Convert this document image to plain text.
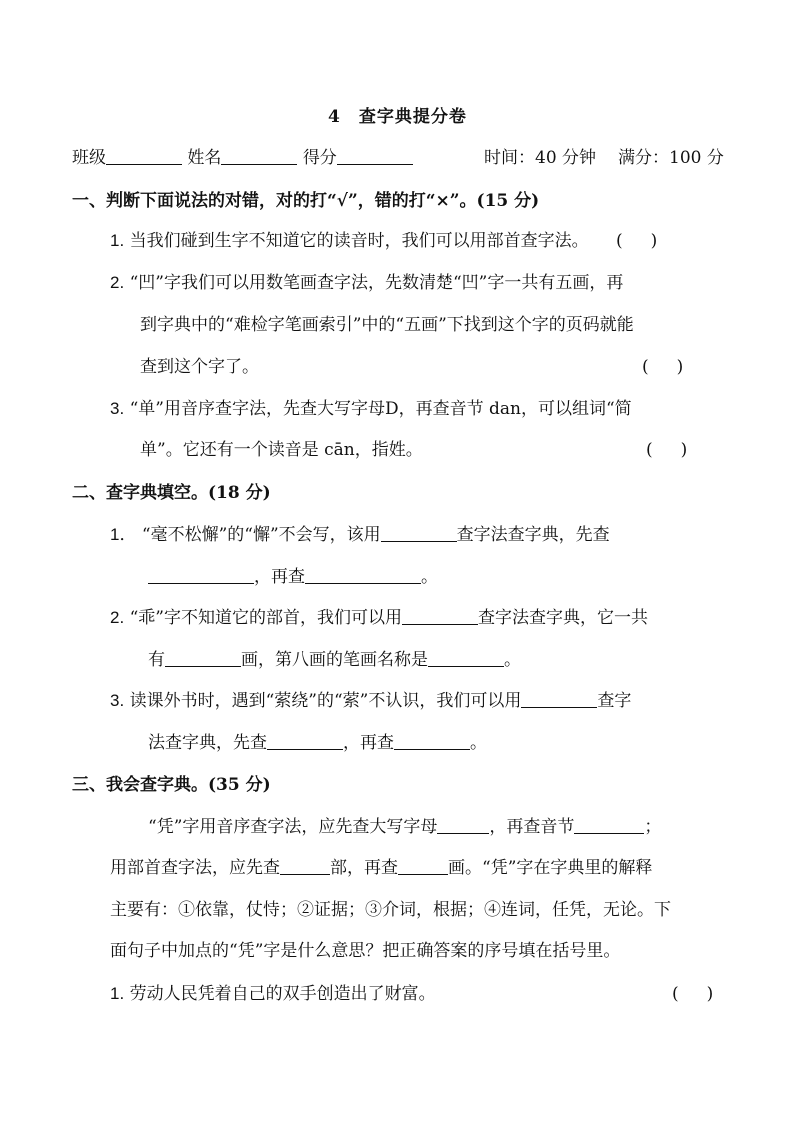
4　查字典提分卷
班级	姓名	得分	时间：40 分钟 满分：100 分
一、判断下面说法的对错，对的打“√”，错的打“×”。(15 分)
1. 当我们碰到生字不知道它的读音时，我们可以用部首查字法。 ( )
2. “凹”字我们可以用数笔画查字法，先数清楚“凹”字一共有五画，再
到字典中的“难检字笔画索引”中的“五画”下找到这个字的页码就能
查到这个字了。	( )
3. “单”用音序查字法，先查大写字母D，再查音节 dan，可以组词“简
单”。它还有一个读音是 cān，指姓。	( )
二、查字典填空。(18 分)
1． “毫不松懈”的“懈”不会写，该用	查字法查字典，先查
，再查	。
2. “乖”字不知道它的部首，我们可以用	查字法查字典，它一共
有	画，第八画的笔画名称是	。
3. 读课外书时，遇到“萦绕”的“萦”不认识，我们可以用	查字
法查字典，先查	，再查	。
三、我会查字典。(35 分)
“凭”字用音序查字法，应先查大写字母	，再查音节	；
用部首查字法，应先查	部，再查	画。“凭”字在字典里的解释
主要有：①依靠，仗恃；②证据；③介词，根据；④连词，任凭，无论。下
面句子中加点的“凭”字是什么意思？把正确答案的序号填在括号里。
1. 劳动人民凭着自己的双手创造出了财富。	( )
